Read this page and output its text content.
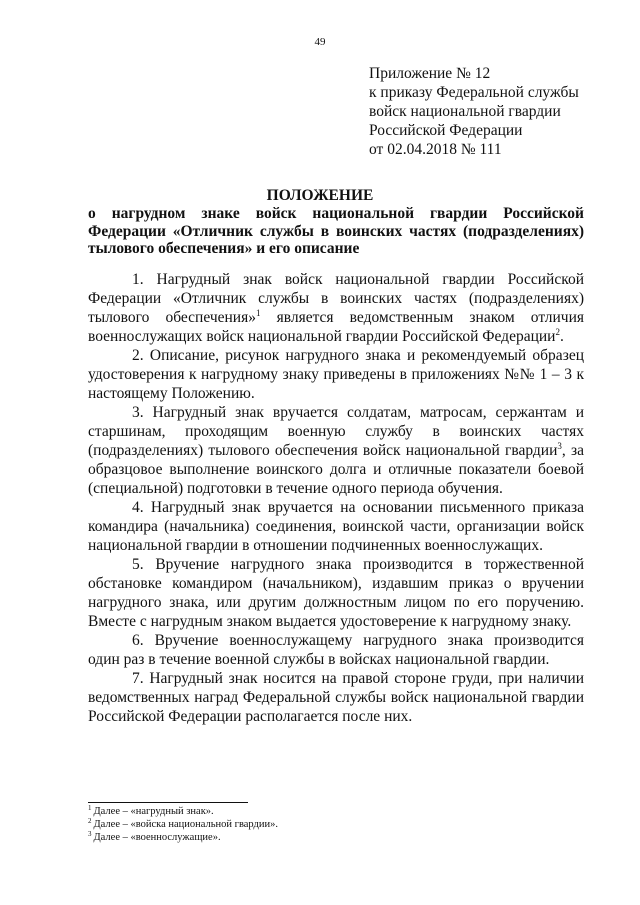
49
Приложение № 12
к приказу Федеральной службы
войск национальной гвардии
Российской Федерации
от 02.04.2018 № 111
ПОЛОЖЕНИЕ
о нагрудном знаке войск национальной гвардии Российской Федерации «Отличник службы в воинских частях (подразделениях) тылового обеспечения» и его описание

1. Нагрудный знак войск национальной гвардии Российской Федерации «Отличник службы в воинских частях (подразделениях) тылового обеспечения»$^1$ является ведомственным знаком отличия военнослужащих войск национальной гвардии Российской Федерации$^2$.

2. Описание, рисунок нагрудного знака и рекомендуемый образец удостоверения к нагрудному знаку приведены в приложениях №№ 1 – 3 к настоящему Положению.

3. Нагрудный знак вручается солдатам, матросам, сержантам и старшинам, проходящим военную службу в воинских частях (подразделениях) тылового обеспечения войск национальной гвардии$^3$, за образцовое выполнение воинского долга и отличные показатели боевой (специальной) подготовки в течение одного периода обучения.

4. Нагрудный знак вручается на основании письменного приказа командира (начальника) соединения, воинской части, организации войск национальной гвардии в отношении подчиненных военнослужащих.

5. Вручение нагрудного знака производится в торжественной обстановке командиром (начальником), издавшим приказ о вручении нагрудного знака, или другим должностным лицом по его поручению. Вместе с нагрудным знаком выдается удостоверение к нагрудному знаку.

6. Вручение военнослужащему нагрудного знака производится один раз в течение военной службы в войсках национальной гвардии.

7. Нагрудный знак носится на правой стороне груди, при наличии ведомственных наград Федеральной службы войск национальной гвардии Российской Федерации располагается после них.

$^1$ Далее – «нагрудный знак».
$^2$ Далее – «войска национальной гвардии».
$^3$ Далее – «военнослужащие».
